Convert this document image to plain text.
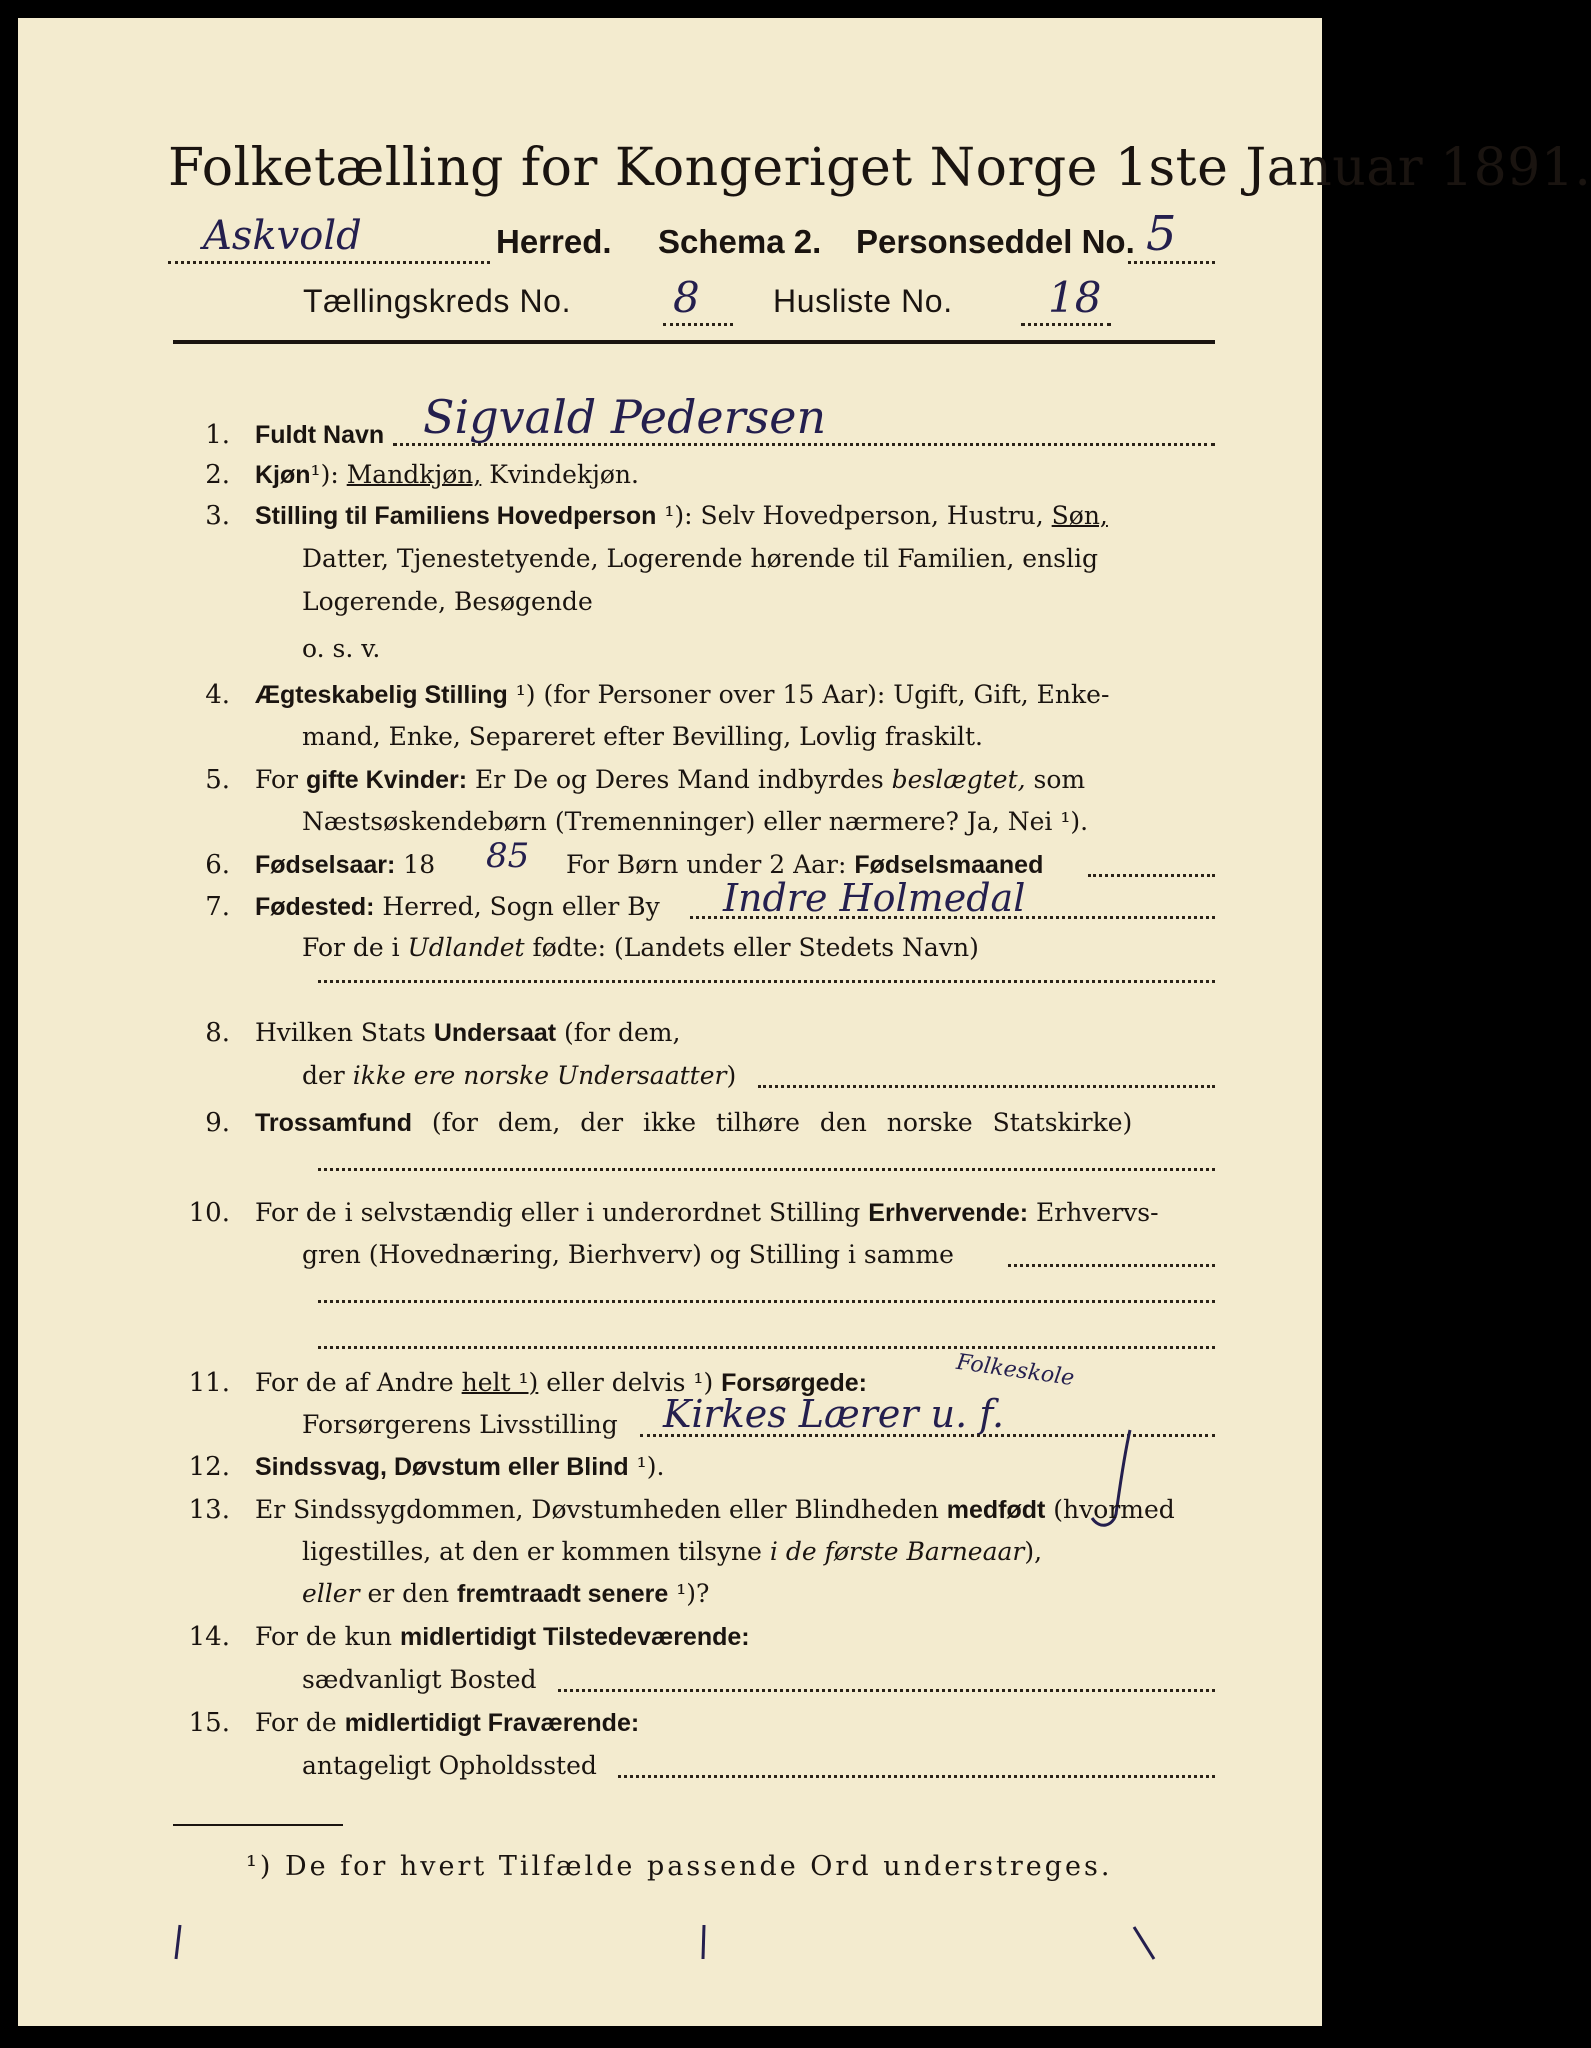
Folketælling for Kongeriget Norge 1ste Januar 1891.
Askvold	Herred. Schema 2. Personseddel No. 5
Tællingskreds No. 8 Husliste No. 18
1. Fuldt Navn Sigvald Pedersen
2. Kjøn¹): Mandkjøn, Kvindekjøn.
3. Stilling til Familiens Hovedperson ¹): Selv Hovedperson, Hustru, Søn,
Datter, Tjenestetyende, Logerende hørende til Familien, enslig
Logerende, Besøgende
o. s. v.
4. Ægteskabelig Stilling ¹) (for Personer over 15 Aar): Ugift, Gift, Enke-
mand, Enke, Separeret efter Bevilling, Lovlig fraskilt.
5. For gifte Kvinder: Er De og Deres Mand indbyrdes beslægtet, som
Næstsøskendebørn (Tremenninger) eller nærmere? Ja, Nei ¹).
6. Fødselsaar: 18 85 For Børn under 2 Aar: Fødselsmaaned
7. Fødested: Herred, Sogn eller By Indre Holmedal
For de i Udlandet fødte: (Landets eller Stedets Navn)
8. Hvilken Stats Undersaat (for dem,
der ikke ere norske Undersaatter)
9. Trossamfund (for dem, der ikke tilhøre den norske Statskirke)
10. For de i selvstændig eller i underordnet Stilling Erhvervende: Erhvervs-
gren (Hovednæring, Bierhverv) og Stilling i samme
11. For de af Andre helt ¹) eller delvis ¹) Forsørgede:	Folkeskole
Forsørgerens Livsstilling Kirkes Lærer u. f.
12. Sindssvag, Døvstum eller Blind ¹).
13. Er Sindssygdommen, Døvstumheden eller Blindheden medfødt (hvormed
ligestilles, at den er kommen tilsyne i de første Barneaar),
eller er den fremtraadt senere ¹)?
14. For de kun midlertidigt Tilstedeværende:
sædvanligt Bosted
15. For de midlertidigt Fraværende:
antageligt Opholdssted
¹) De for hvert Tilfælde passende Ord understreges.
